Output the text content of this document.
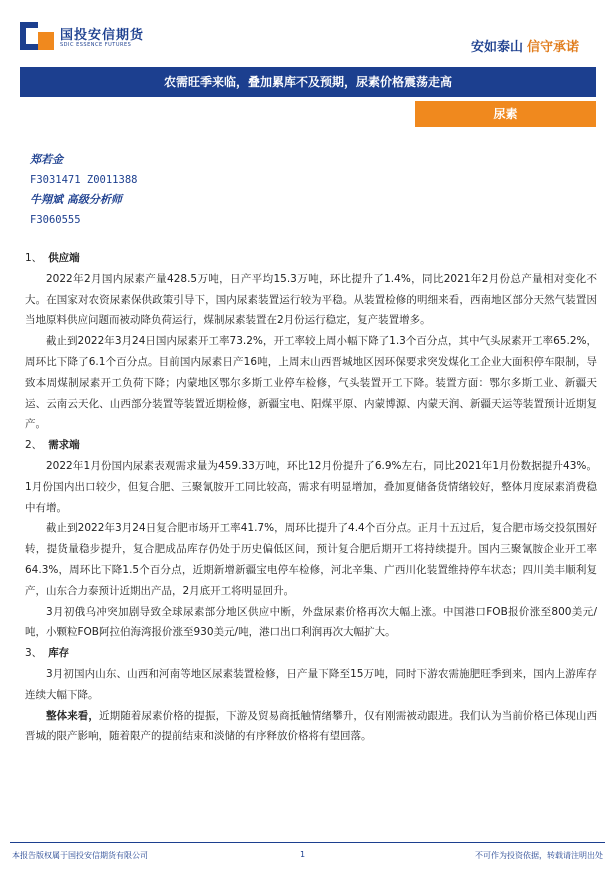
国投安信期货
SDIC ESSENCE FUTURES	安如泰山 信守承诺
农需旺季来临，叠加累库不及预期，尿素价格震荡走高
尿素
郑若金
F3031471 Z0011388
牛翔斌 高级分析师
F3060555

1、 供应端

2022年2月国内尿素产量428.5万吨，日产平均15.3万吨，环比提升了1.4%，同比2021年2月份总产量相对变化不大。在国家对农资尿素保供政策引导下，国内尿素装置运行较为平稳。从装置检修的明细来看，西南地区部分天然气装置因当地原料供应问题而被动降负荷运行，煤制尿素装置在2月份运行稳定，复产装置增多。

截止到2022年3月24日国内尿素开工率73.2%，开工率较上周小幅下降了1.3个百分点，其中气头尿素开工率65.2%，周环比下降了6.1个百分点。目前国内尿素日产16吨，上周末山西晋城地区因环保要求突发煤化工企业大面积停车限制，导致本周煤制尿素开工负荷下降；内蒙地区鄂尔多斯工业停车检修，气头装置开工下降。装置方面：鄂尔多斯工业、新疆天运、云南云天化、山西部分装置等装置近期检修，新疆宝电、阳煤平原、内蒙博源、内蒙天润、新疆天运等装置预计近期复产。

2、 需求端

2022年1月份国内尿素表观需求量为459.33万吨，环比12月份提升了6.9%左右，同比2021年1月份数据提升43%。1月份国内出口较少，但复合肥、三聚氰胺开工同比较高，需求有明显增加，叠加夏储备货情绪较好，整体月度尿素消费稳中有增。

截止到2022年3月24日复合肥市场开工率41.7%，周环比提升了4.4个百分点。正月十五过后，复合肥市场交投氛围好转，提货量稳步提升，复合肥成品库存仍处于历史偏低区间，预计复合肥后期开工将持续提升。国内三聚氰胺企业开工率64.3%，周环比下降1.5个百分点，近期新增新疆宝电停车检修，河北辛集、广西川化装置维持停车状态；四川美丰顺利复产，山东合力泰预计近期出产品，2月底开工将明显回升。

3月初俄乌冲突加剧导致全球尿素部分地区供应中断，外盘尿素价格再次大幅上涨。中国港口FOB报价涨至800美元/吨，小颗粒FOB阿拉伯海湾报价涨至930美元/吨，港口出口利润再次大幅扩大。

3、 库存

3月初国内山东、山西和河南等地区尿素装置检修，日产量下降至15万吨，同时下游农需施肥旺季到来，国内上游库存连续大幅下降。

整体来看，近期随着尿素价格的提振，下游及贸易商抵触情绪攀升，仅有刚需被动跟进。我们认为当前价格已体现山西晋城的限产影响，随着限产的提前结束和淡储的有序释放价格将有望回落。

本报告版权属于国投安信期货有限公司	1	不可作为投资依据，转载请注明出处
